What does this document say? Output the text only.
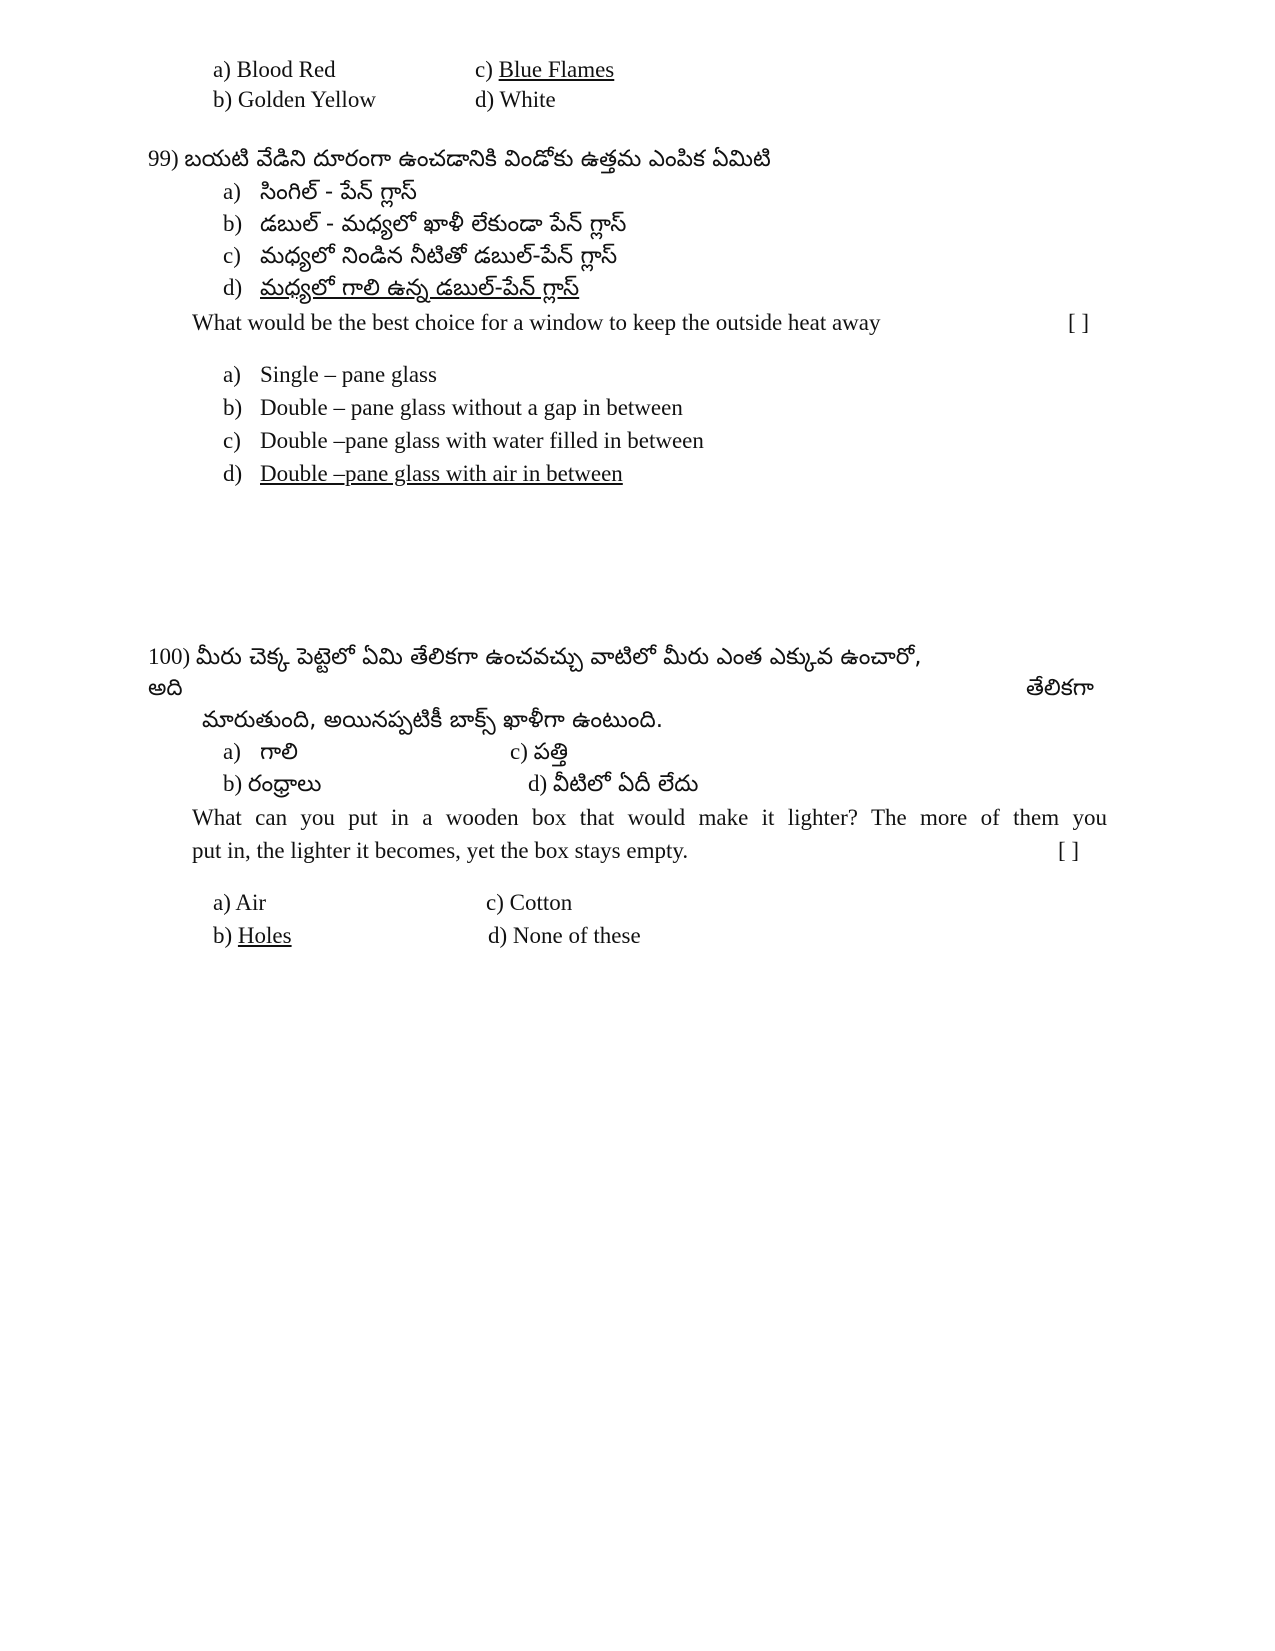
a) Blood Red	c) Blue Flames
b) Golden Yellow	d) White
99) బయటి వేడిని దూరంగా ఉంచడానికి విండోకు ఉత్తమ ఎంపిక ఏమిటి
a) సింగిల్ - పేన్ గ్లాస్
b) డబుల్ - మధ్యలో ఖాళీ లేకుండా పేన్ గ్లాస్
c) మధ్యలో నిండిన నీటితో డబుల్-పేన్ గ్లాస్
d) మధ్యలో గాలి ఉన్న డబుల్-పేన్ గ్లాస్
What would be the best choice for a window to keep the outside heat away	[ ]
a) Single – pane glass
b) Double – pane glass without a gap in between
c) Double –pane glass with water filled in between
d) Double –pane glass with air in between
100) మీరు చెక్క పెట్టెలో ఏమి తేలికగా ఉంచవచ్చు వాటిలో మీరు ఎంత ఎక్కువ ఉంచారో,
అది	తేలికగా
మారుతుంది, అయినప్పటికీ బాక్స్ ఖాళీగా ఉంటుంది.
a) గాలి	c) పత్తి
b) రంధ్రాలు	d) వీటిలో ఏదీ లేదు
What can you put in a wooden box that would make it lighter? The more of them you
put in, the lighter it becomes, yet the box stays empty.	[ ]
a) Air	c) Cotton
b) Holes	d) None of these
